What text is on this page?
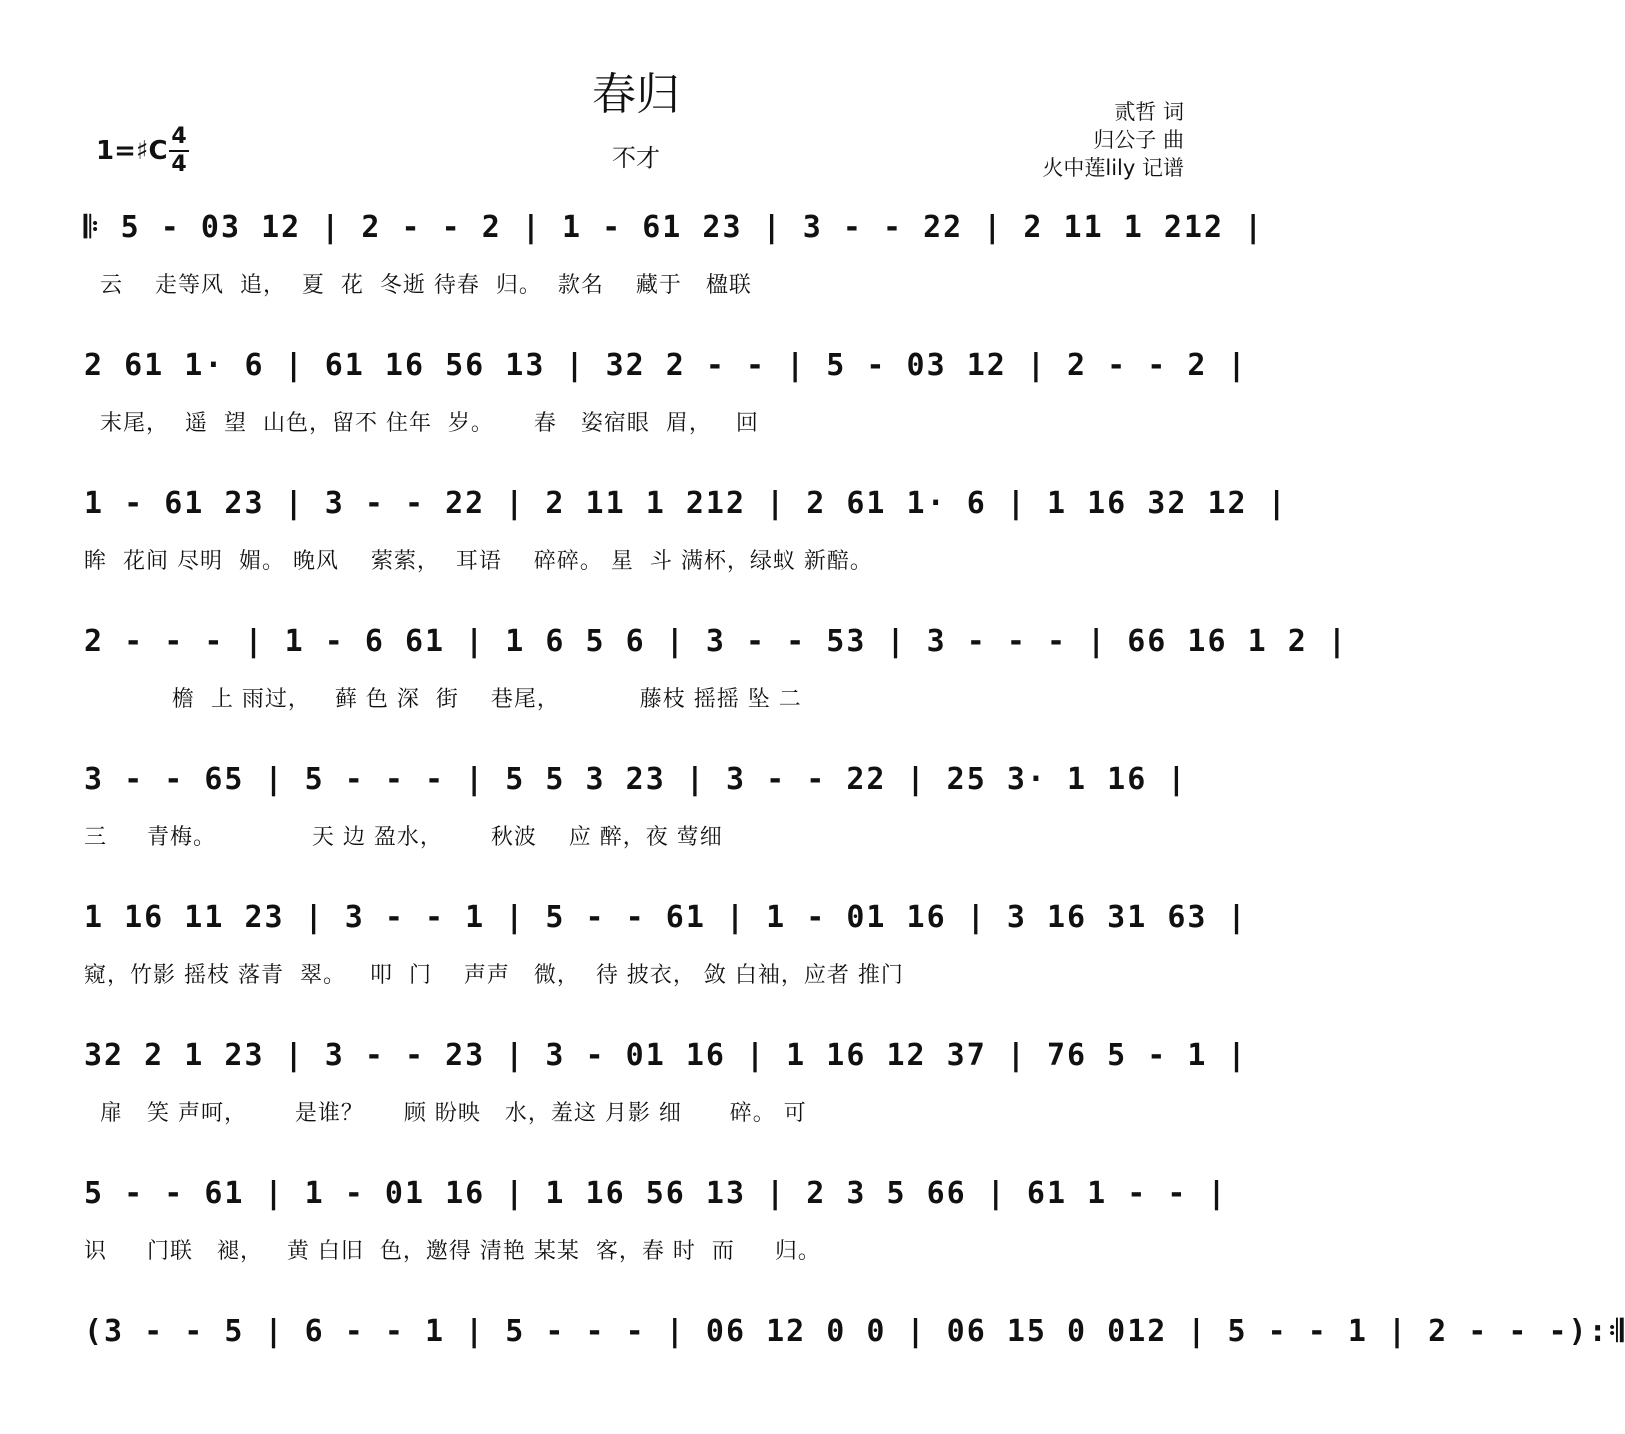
春归
不才
1=♯C 4
4
贰哲 词
归公子 曲
火中莲lily 记谱
𝄆 5 - 03 12 | 2 - - 2 | 1 - 61 23 | 3 - - 22 | 2 11 1 212 |
云    走等风  追，  夏  花  冬逝 待春  归。  款名    藏于   楹联
2 61 1· 6 | 61 16 56 13 | 32 2 - - | 5 - 03 12 | 2 - - 2 |
末尾，  遥  望  山色，留不 住年  岁。     春   姿宿眼  眉，   回
1 - 61 23 | 3 - - 22 | 2 11 1 212 | 2 61 1· 6 | 1 16 32 12 |
眸  花间 尽明  媚。 晚风    萦萦，  耳语    碎碎。 星  斗 满杯，绿蚁 新醅。
2 - - - | 1 - 6 61 | 1 6 5 6 | 3 - - 53 | 3 - - - | 66 16 1 2 |
檐  上 雨过，   藓 色 深  街    巷尾，          藤枝 摇摇 坠 二
3 - - 65 | 5 - - - | 5 5 3 23 | 3 - - 22 | 25 3· 1 16 |
三     青梅。            天 边 盈水，      秋波    应 醉，夜 莺细
1 16 11 23 | 3 - - 1 | 5 - - 61 | 1 - 01 16 | 3 16 31 63 |
窥，竹影 摇枝 落青  翠。   叩  门    声声   微，  待 披衣， 敛 白袖，应者 推门
32 2 1 23 | 3 - - 23 | 3 - 01 16 | 1 16 12 37 | 76 5 - 1 |
扉   笑 声呵，      是谁？     顾 盼映   水，羞这 月影 细      碎。 可
5 - - 61 | 1 - 01 16 | 1 16 56 13 | 2 3 5 66 | 61 1 - - |
识     门联   褪，   黄 白旧  色，邀得 清艳 某某  客，春 时  而     归。
(3 - - 5 | 6 - - 1 | 5 - - - | 06 12 0 0 | 06 15 0 012 | 5 - - 1 | 2 - - -):𝄇
